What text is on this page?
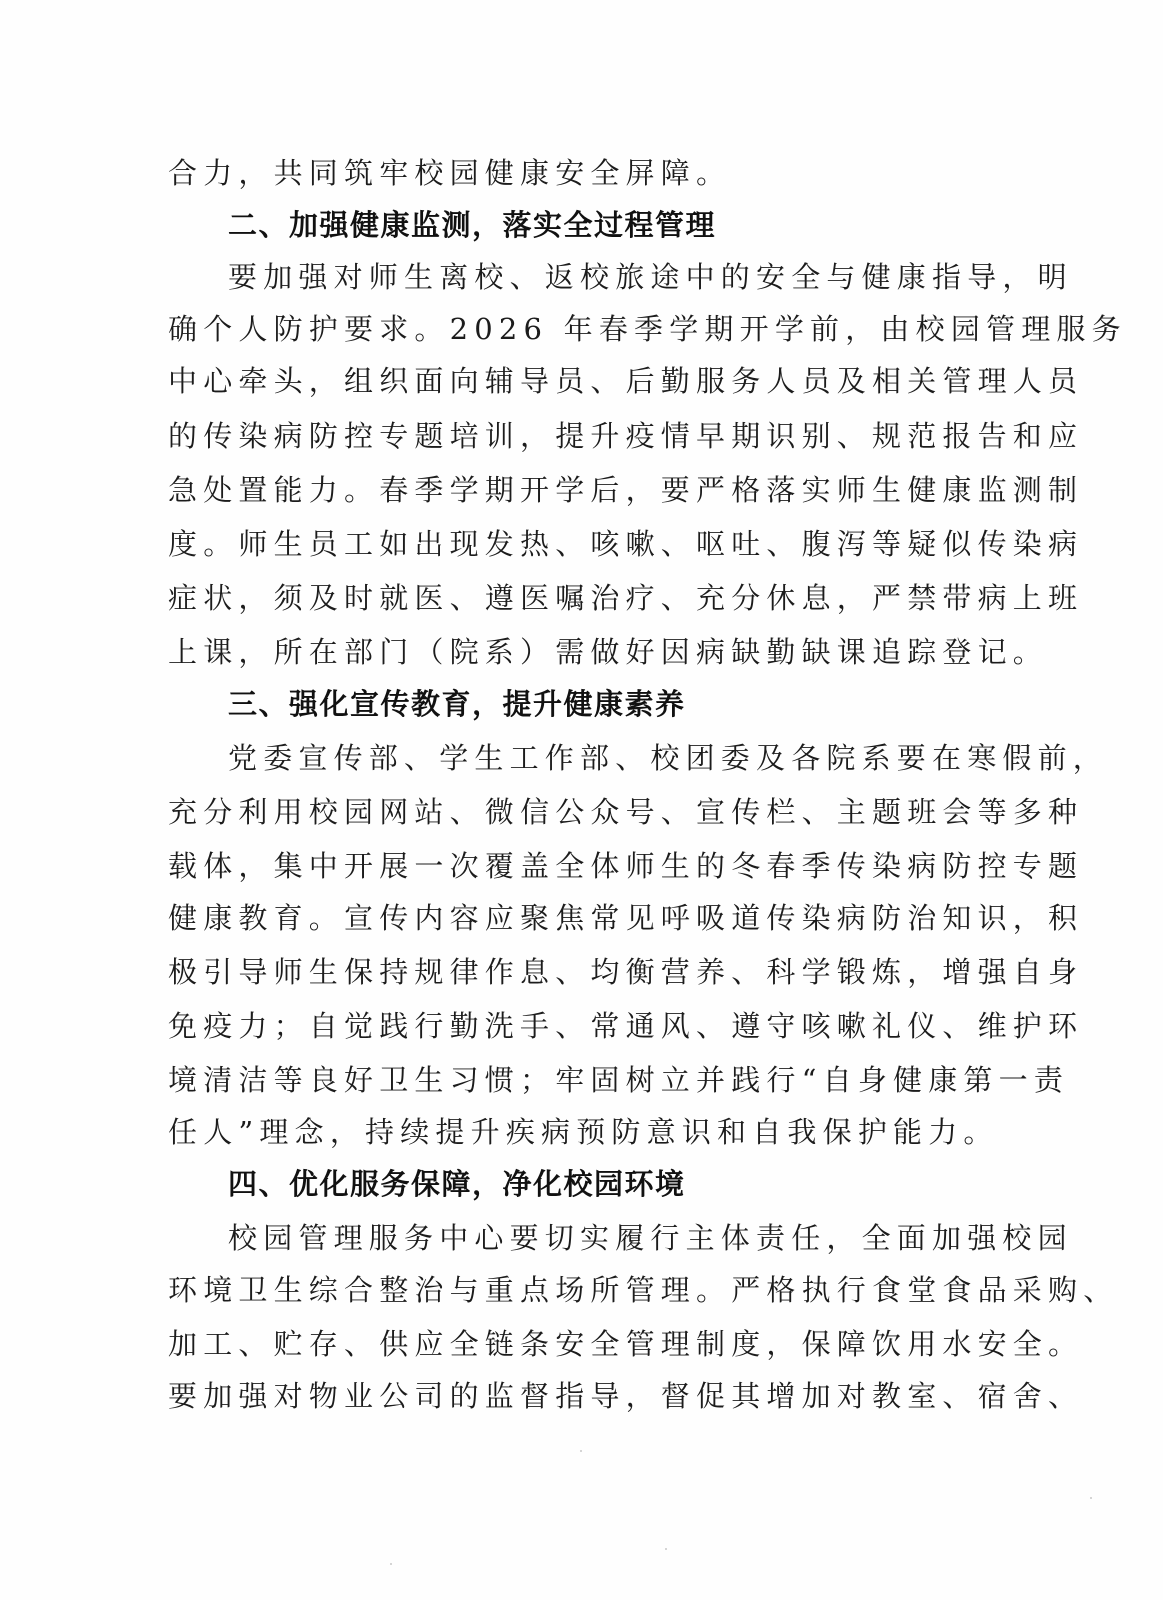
合力，共同筑牢校园健康安全屏障。
二、加强健康监测，落实全过程管理
要加强对师生离校、返校旅途中的安全与健康指导，明
确个人防护要求。2026 年春季学期开学前，由校园管理服务
中心牵头，组织面向辅导员、后勤服务人员及相关管理人员
的传染病防控专题培训，提升疫情早期识别、规范报告和应
急处置能力。春季学期开学后，要严格落实师生健康监测制
度。师生员工如出现发热、咳嗽、呕吐、腹泻等疑似传染病
症状，须及时就医、遵医嘱治疗、充分休息，严禁带病上班
上课，所在部门（院系）需做好因病缺勤缺课追踪登记。
三、强化宣传教育，提升健康素养
党委宣传部、学生工作部、校团委及各院系要在寒假前，
充分利用校园网站、微信公众号、宣传栏、主题班会等多种
载体，集中开展一次覆盖全体师生的冬春季传染病防控专题
健康教育。宣传内容应聚焦常见呼吸道传染病防治知识，积
极引导师生保持规律作息、均衡营养、科学锻炼，增强自身
免疫力；自觉践行勤洗手、常通风、遵守咳嗽礼仪、维护环
境清洁等良好卫生习惯；牢固树立并践行“自身健康第一责
任人”理念，持续提升疾病预防意识和自我保护能力。
四、优化服务保障，净化校园环境
校园管理服务中心要切实履行主体责任，全面加强校园
环境卫生综合整治与重点场所管理。严格执行食堂食品采购、
加工、贮存、供应全链条安全管理制度，保障饮用水安全。
要加强对物业公司的监督指导，督促其增加对教室、宿舍、
